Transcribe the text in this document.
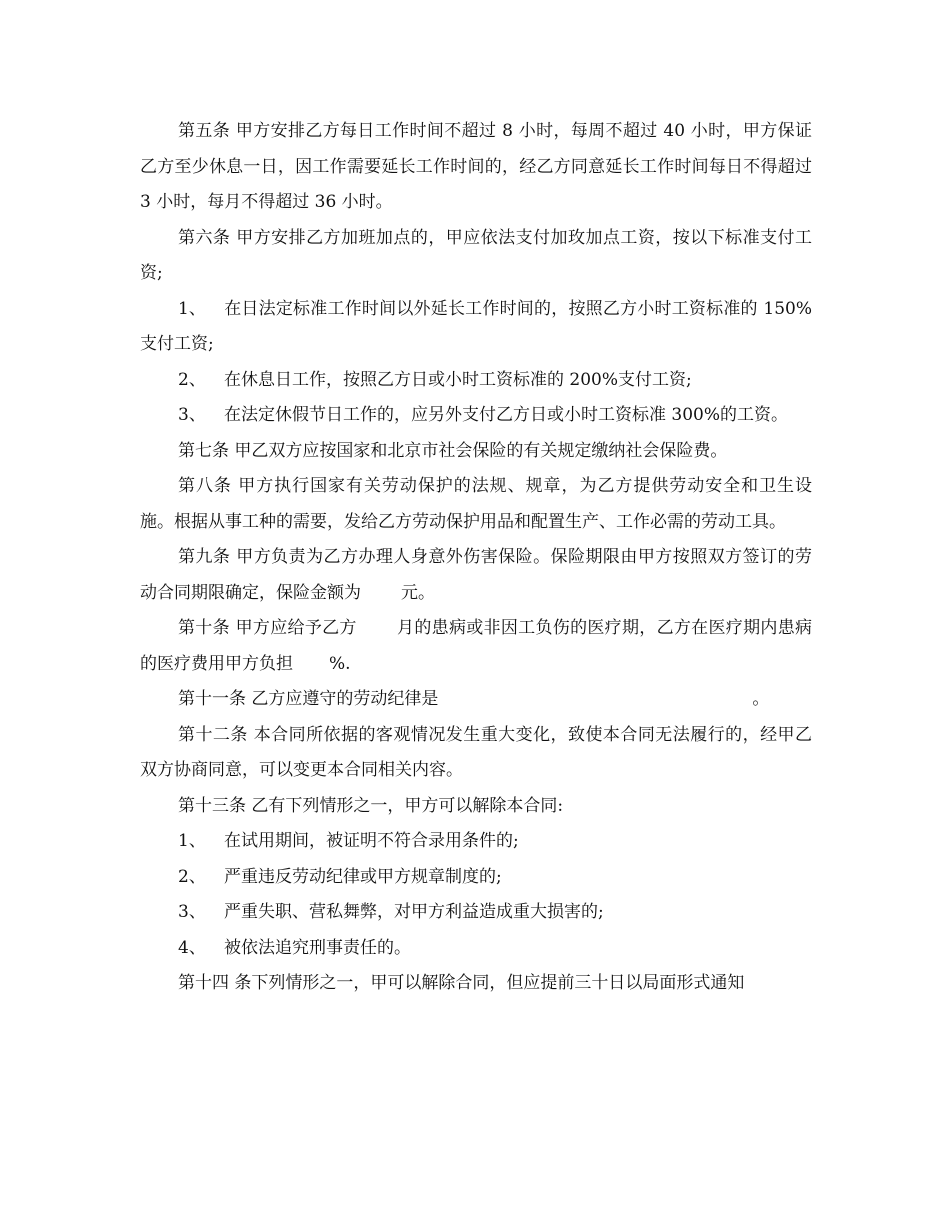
第五条 甲方安排乙方每日工作时间不超过 8 小时，每周不超过 40 小时，甲方保证乙方至少休息一日，因工作需要延长工作时间的，经乙方同意延长工作时间每日不得超过 3 小时，每月不得超过 36 小时。

第六条 甲方安排乙方加班加点的，甲应依法支付加玫加点工资，按以下标准支付工资;

1、 在日法定标准工作时间以外延长工作时间的，按照乙方小时工资标准的 150%支付工资;

2、 在休息日工作，按照乙方日或小时工资标准的 200%支付工资;

3、 在法定休假节日工作的，应另外支付乙方日或小时工资标准 300%的工资。

第七条 甲乙双方应按国家和北京市社会保险的有关规定缴纳社会保险费。

第八条 甲方执行国家有关劳动保护的法规、规章，为乙方提供劳动安全和卫生设施。根据从事工种的需要，发给乙方劳动保护用品和配置生产、工作必需的劳动工具。

第九条 甲方负责为乙方办理人身意外伤害保险。保险期限由甲方按照双方签订的劳动合同期限确定，保险金额为 元。

第十条 甲方应给予乙方 月的患病或非因工负伤的医疗期，乙方在医疗期内患病的医疗费用甲方负担 %.

第十一条 乙方应遵守的劳动纪律是	。

第十二条 本合同所依据的客观情况发生重大变化，致使本合同无法履行的，经甲乙双方协商同意，可以变更本合同相关内容。

第十三条 乙有下列情形之一，甲方可以解除本合同:

1、 在试用期间，被证明不符合录用条件的;

2、 严重违反劳动纪律或甲方规章制度的;

3、 严重失职、营私舞弊，对甲方利益造成重大损害的;

4、 被依法追究刑事责任的。

第十四 条下列情形之一，甲可以解除合同，但应提前三十日以局面形式通知
